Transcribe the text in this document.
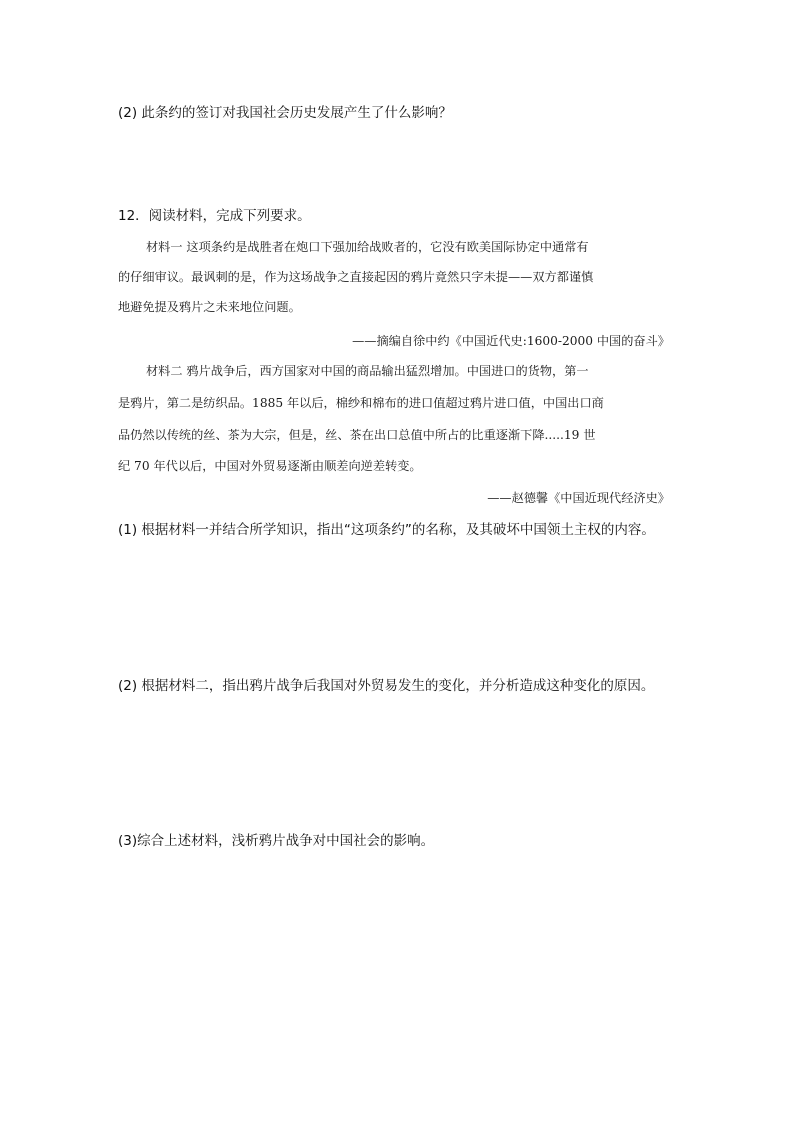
(2) 此条约的签订对我国社会历史发展产生了什么影响？
12．阅读材料，完成下列要求。
材料一 这项条约是战胜者在炮口下强加给战败者的，它没有欧美国际协定中通常有
的仔细审议。最讽刺的是，作为这场战争之直接起因的鸦片竟然只字未提——双方都谨慎
地避免提及鸦片之未来地位问题。
——摘编自徐中约《中国近代史:1600-2000 中国的奋斗》
材料二 鸦片战争后，西方国家对中国的商品输出猛烈增加。中国进口的货物，第一
是鸦片，第二是纺织品。1885 年以后，棉纱和棉布的进口值超过鸦片进口值，中国出口商
品仍然以传统的丝、茶为大宗，但是，丝、茶在出口总值中所占的比重逐渐下降.....19 世
纪 70 年代以后，中国对外贸易逐渐由顺差向逆差转变。
——赵德馨《中国近现代经济史》
(1) 根据材料一并结合所学知识，指出“这项条约”的名称，及其破坏中国领土主权的内容。
(2) 根据材料二，指出鸦片战争后我国对外贸易发生的变化，并分析造成这种变化的原因。
(3)综合上述材料，浅析鸦片战争对中国社会的影响。
